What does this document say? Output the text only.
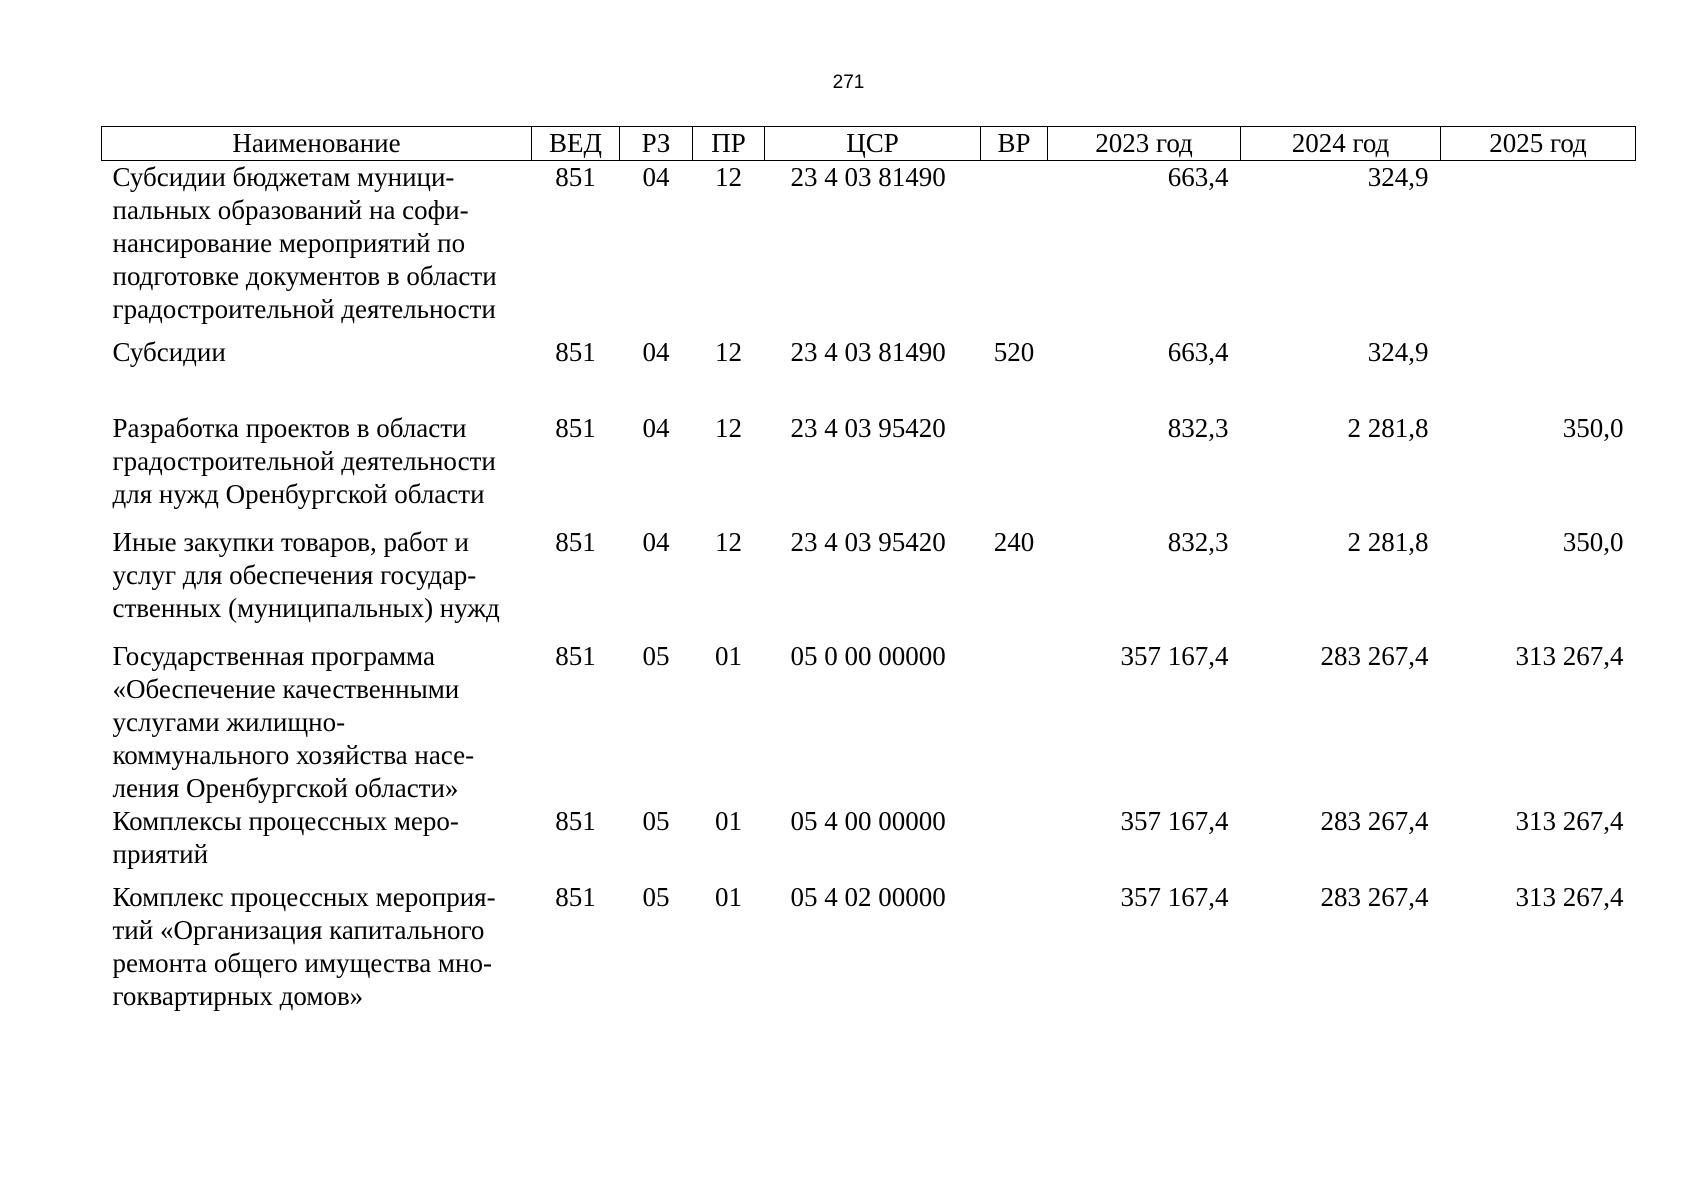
271
Наименование	ВЕД	РЗ	ПР	ЦСР	ВР	2023 год	2024 год	2025 год

Субсидии бюджетам муници-
пальных образований на софи-
нансирование мероприятий по
подготовке документов в области
градостроительной деятельности	851	04	12	23 4 03 81490		663,4	324,9	

Субсидии	851	04	12	23 4 03 81490	520	663,4	324,9	

Разработка проектов в области
градостроительной деятельности
для нужд Оренбургской области	851	04	12	23 4 03 95420		832,3	2 281,8	350,0

Иные закупки товаров, работ и
услуг для обеспечения государ-
ственных (муниципальных) нужд	851	04	12	23 4 03 95420	240	832,3	2 281,8	350,0

Государственная программа
«Обеспечение качественными
услугами жилищно-
коммунального хозяйства насе-
ления Оренбургской области»	851	05	01	05 0 00 00000		357 167,4	283 267,4	313 267,4

Комплексы процессных меро-
приятий	851	05	01	05 4 00 00000		357 167,4	283 267,4	313 267,4

Комплекс процессных мероприя-
тий «Организация капитального
ремонта общего имущества мно-
гоквартирных домов»	851	05	01	05 4 02 00000		357 167,4	283 267,4	313 267,4
